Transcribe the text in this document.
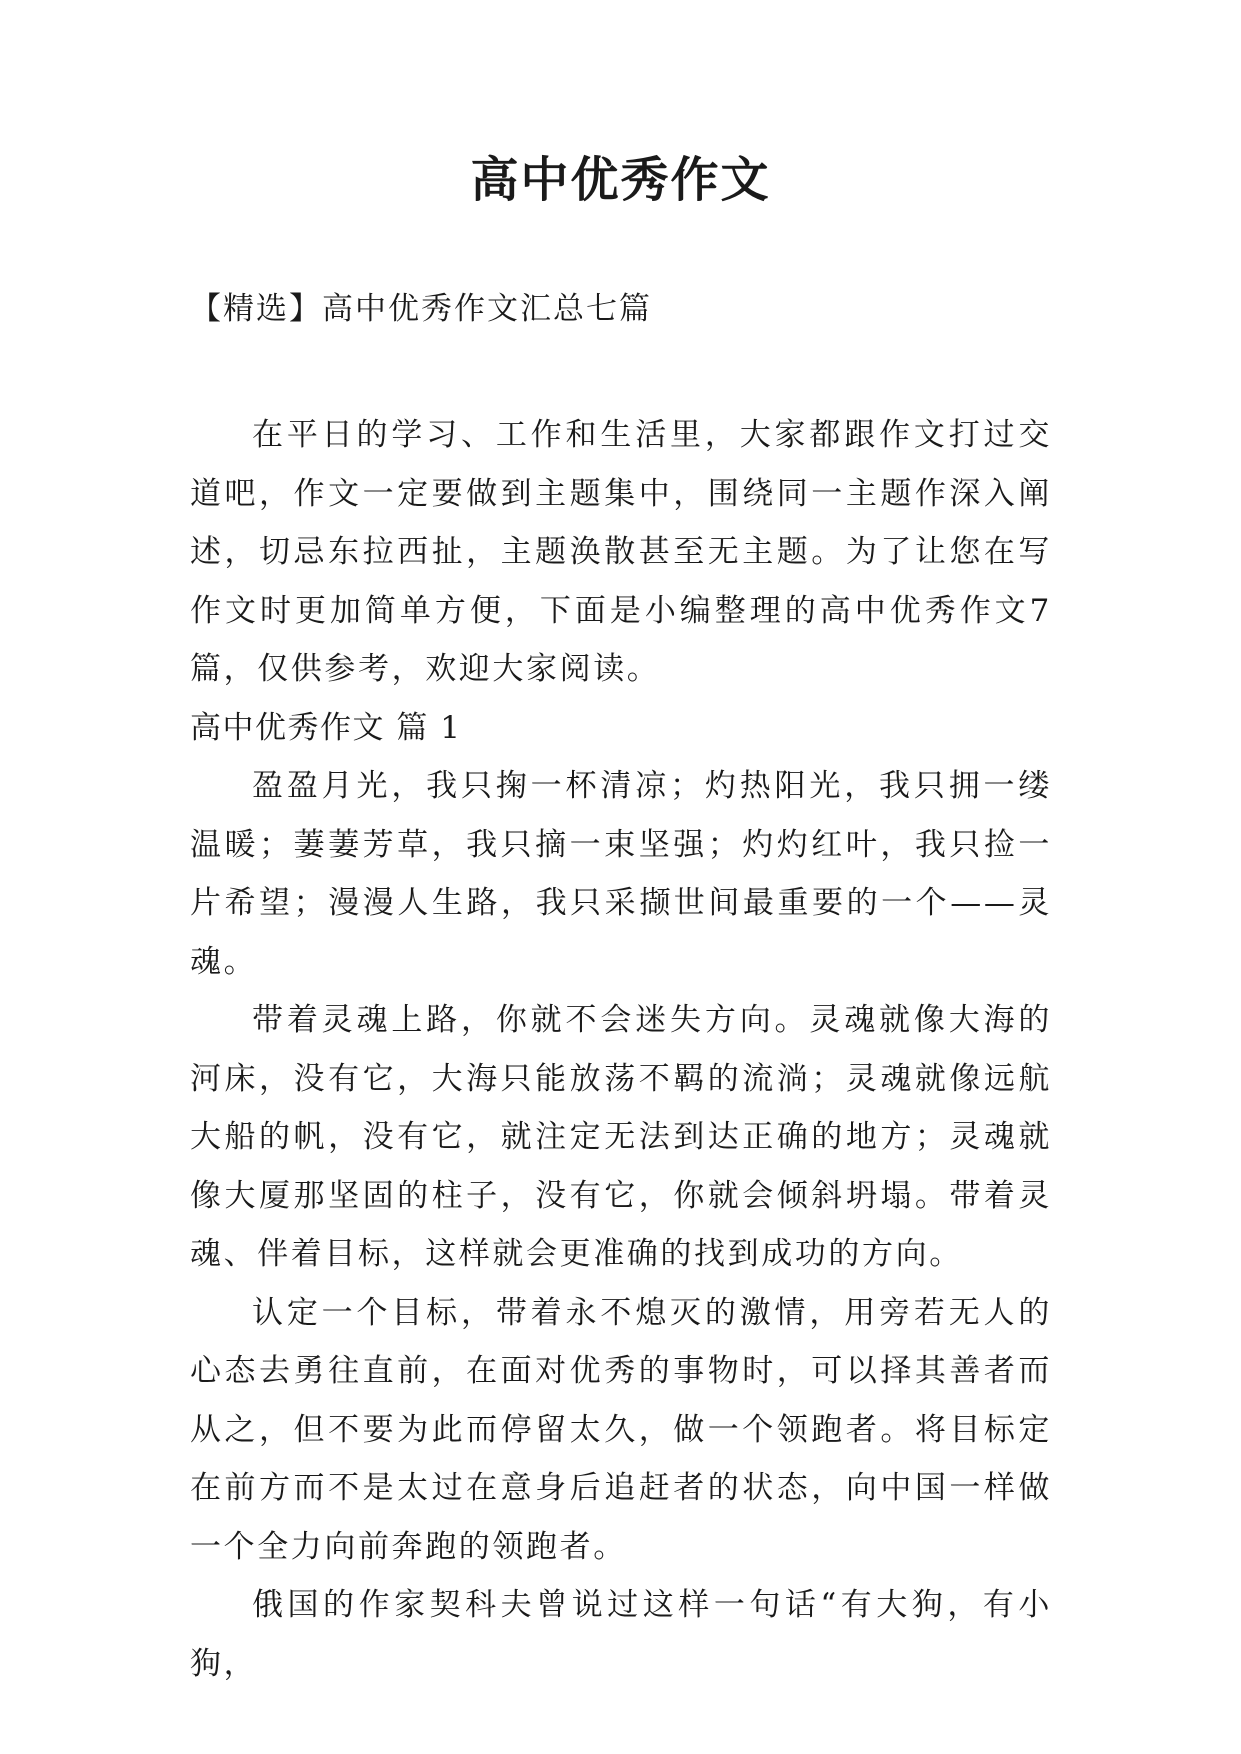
高中优秀作文

【精选】高中优秀作文汇总七篇

在平日的学习、工作和生活里，大家都跟作文打过交道吧，作文一定要做到主题集中，围绕同一主题作深入阐述，切忌东拉西扯，主题涣散甚至无主题。为了让您在写作文时更加简单方便，下面是小编整理的高中优秀作文7篇，仅供参考，欢迎大家阅读。

高中优秀作文 篇 1

盈盈月光，我只掬一杯清凉；灼热阳光，我只拥一缕温暖；萋萋芳草，我只摘一束坚强；灼灼红叶，我只捡一片希望；漫漫人生路，我只采撷世间最重要的一个——灵魂。

带着灵魂上路，你就不会迷失方向。灵魂就像大海的河床，没有它，大海只能放荡不羁的流淌；灵魂就像远航大船的帆，没有它，就注定无法到达正确的地方；灵魂就像大厦那坚固的柱子，没有它，你就会倾斜坍塌。带着灵魂、伴着目标，这样就会更准确的找到成功的方向。

认定一个目标，带着永不熄灭的激情，用旁若无人的心态去勇往直前，在面对优秀的事物时，可以择其善者而从之，但不要为此而停留太久，做一个领跑者。将目标定在前方而不是太过在意身后追赶者的状态，向中国一样做一个全力向前奔跑的领跑者。

俄国的作家契科夫曾说过这样一句话“有大狗，有小狗，
